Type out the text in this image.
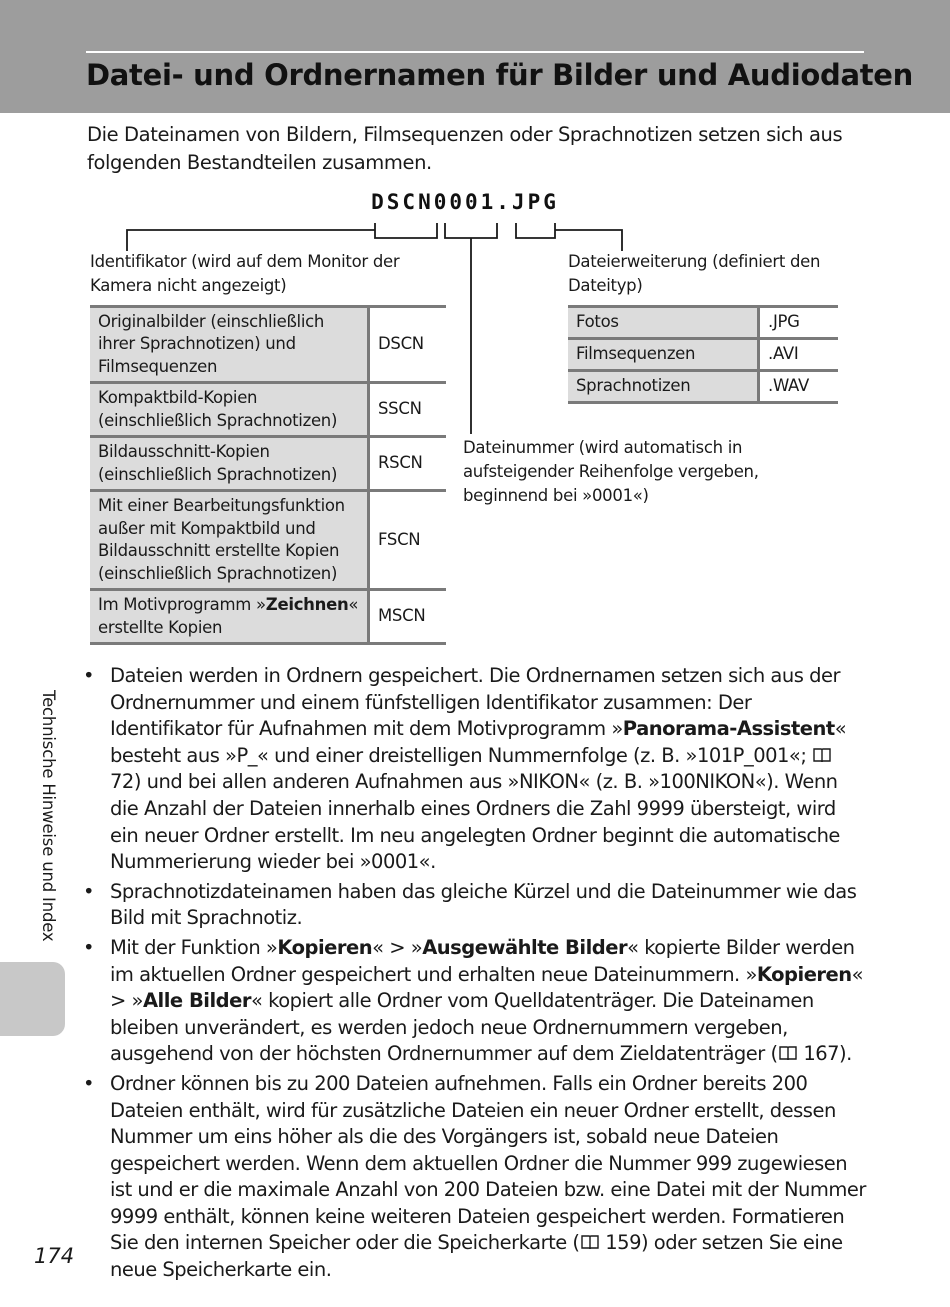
Datei- und Ordnernamen für Bilder und Audiodaten

Die Dateinamen von Bildern, Filmsequenzen oder Sprachnotizen setzen sich aus folgenden Bestandteilen zusammen.

DSCN0001.JPG

Identifikator (wird auf dem Monitor der Kamera nicht angezeigt)

Dateierweiterung (definiert den Dateityp)

Dateinummer (wird automatisch in aufsteigender Reihenfolge vergeben, beginnend bei »0001«)

Originalbilder (einschließlich ihrer Sprachnotizen) und Filmsequenzen	DSCN
Kompaktbild-Kopien (einschließlich Sprachnotizen)	SSCN
Bildausschnitt-Kopien (einschließlich Sprachnotizen)	RSCN
Mit einer Bearbeitungsfunktion außer mit Kompaktbild und Bildausschnitt erstellte Kopien (einschließlich Sprachnotizen)	FSCN
Im Motivprogramm »Zeichnen« erstellte Kopien	MSCN
Fotos	.JPG
Filmsequenzen	.AVI
Sprachnotizen	.WAV
• Dateien werden in Ordnern gespeichert. Die Ordnernamen setzen sich aus der Ordnernummer und einem fünfstelligen Identifikator zusammen: Der Identifikator für Aufnahmen mit dem Motivprogramm »Panorama-Assistent« besteht aus »P_« und einer dreistelligen Nummernfolge (z. B. »101P_001«;  72) und bei allen anderen Aufnahmen aus »NIKON« (z. B. »100NIKON«). Wenn die Anzahl der Dateien innerhalb eines Ordners die Zahl 9999 übersteigt, wird ein neuer Ordner erstellt. Im neu angelegten Ordner beginnt die automatische Nummerierung wieder bei »0001«.
• Sprachnotizdateinamen haben das gleiche Kürzel und die Dateinummer wie das Bild mit Sprachnotiz.
• Mit der Funktion »Kopieren« > »Ausgewählte Bilder« kopierte Bilder werden im aktuellen Ordner gespeichert und erhalten neue Dateinummern. »Kopieren« > »Alle Bilder« kopiert alle Ordner vom Quelldatenträger. Die Dateinamen bleiben unverändert, es werden jedoch neue Ordnernummern vergeben, ausgehend von der höchsten Ordnernummer auf dem Zieldatenträger ( 167).
• Ordner können bis zu 200 Dateien aufnehmen. Falls ein Ordner bereits 200 Dateien enthält, wird für zusätzliche Dateien ein neuer Ordner erstellt, dessen Nummer um eins höher als die des Vorgängers ist, sobald neue Dateien gespeichert werden. Wenn dem aktuellen Ordner die Nummer 999 zugewiesen ist und er die maximale Anzahl von 200 Dateien bzw. eine Datei mit der Nummer 9999 enthält, können keine weiteren Dateien gespeichert werden. Formatieren Sie den internen Speicher oder die Speicherkarte ( 159) oder setzen Sie eine neue Speicherkarte ein.
Technische Hinweise und Index
174
